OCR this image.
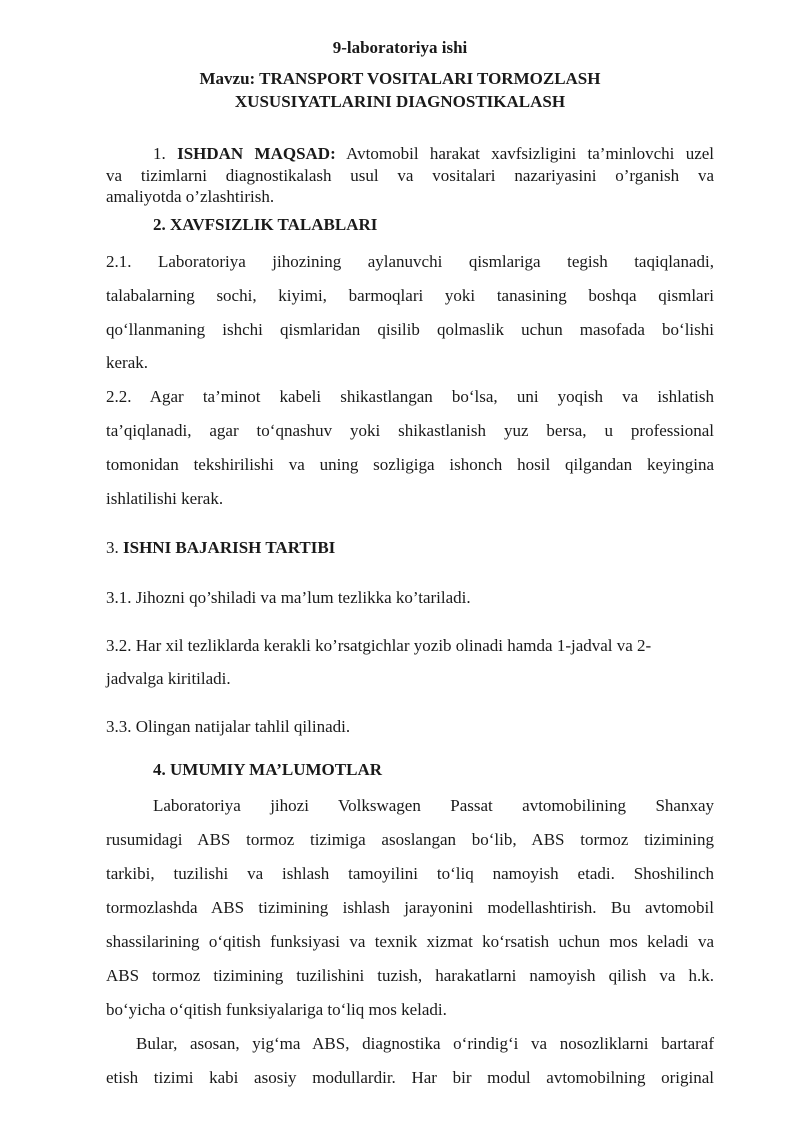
9-laboratoriya ishi

Mavzu: TRANSPORT VOSITALARI TORMOZLASH

XUSUSIYATLARINI DIAGNOSTIKALASH

1. ISHDAN MAQSAD: Avtomobil harakat xavfsizligini ta’minlovchi uzel

va tizimlarni diagnostikalash usul va vositalari nazariyasini o’rganish va

amaliyotda o’zlashtirish.

2. XAVFSIZLIK TALABLARI

2.1. Laboratoriya jihozining aylanuvchi qismlariga tegish taqiqlanadi,

talabalarning sochi, kiyimi, barmoqlari yoki tanasining boshqa qismlari

qo‘llanmaning ishchi qismlaridan qisilib qolmaslik uchun masofada bo‘lishi

kerak.

2.2. Agar ta’minot kabeli shikastlangan bo‘lsa, uni yoqish va ishlatish

ta’qiqlanadi, agar to‘qnashuv yoki shikastlanish yuz bersa, u professional

tomonidan tekshirilishi va uning sozligiga ishonch hosil qilgandan keyingina

ishlatilishi kerak.

3. ISHNI BAJARISH TARTIBI

3.1. Jihozni qo’shiladi va ma’lum tezlikka ko’tariladi.

3.2. Har xil tezliklarda kerakli ko’rsatgichlar yozib olinadi hamda 1-jadval va 2-

jadvalga kiritiladi.

3.3. Olingan natijalar tahlil qilinadi.

4. UMUMIY MA’LUMOTLAR

Laboratoriya jihozi Volkswagen Passat avtomobilining Shanxay

rusumidagi ABS tormoz tizimiga asoslangan bo‘lib, ABS tormoz tizimining

tarkibi, tuzilishi va ishlash tamoyilini to‘liq namoyish etadi. Shoshilinch

tormozlashda ABS tizimining ishlash jarayonini modellashtirish. Bu avtomobil

shassilarining o‘qitish funksiyasi va texnik xizmat ko‘rsatish uchun mos keladi va

ABS tormoz tizimining tuzilishini tuzish, harakatlarni namoyish qilish va h.k.

bo‘yicha o‘qitish funksiyalariga to‘liq mos keladi.

Bular, asosan, yig‘ma ABS, diagnostika o‘rindig‘i va nosozliklarni bartaraf

etish tizimi kabi asosiy modullardir. Har bir modul avtomobilning original
